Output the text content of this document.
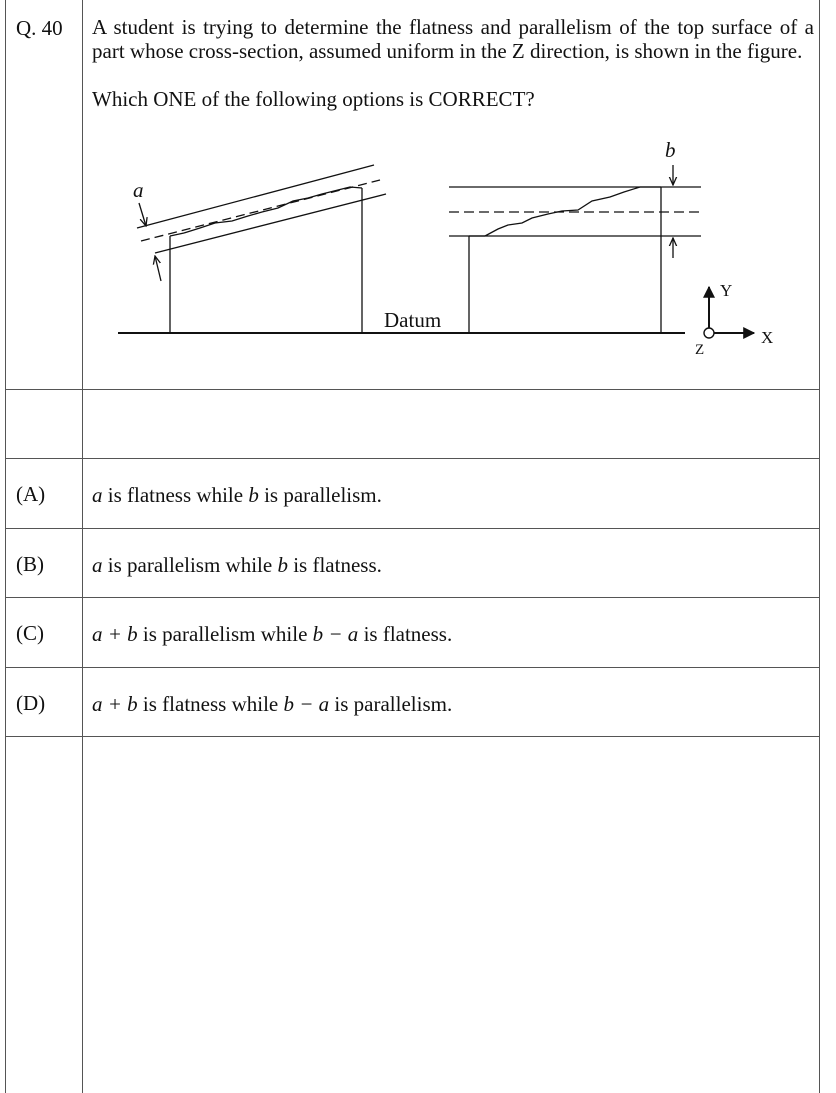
Q. 40 A student is trying to determine the flatness and parallelism of the top surface of a
part whose cross-section, assumed uniform in the Z direction, is shown in the figure.
Which ONE of the following options is CORRECT?
(A) a is flatness while b is parallelism.
(B) a is parallelism while b is flatness.
(C) a + b is parallelism while b − a is flatness.
(D) a + b is flatness while b − a is parallelism.
a
b
Datum
Y
X
Z
